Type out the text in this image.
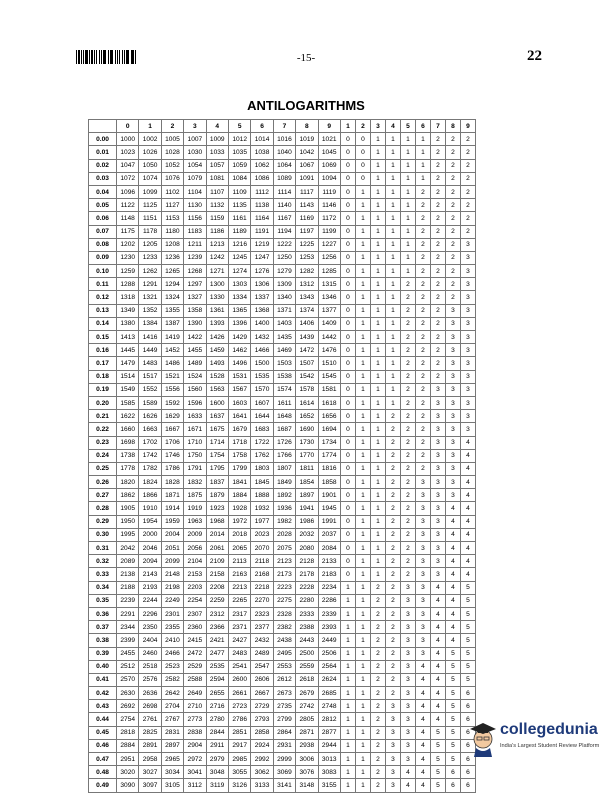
-15-	22
ANTILOGARITHMS
	0	1	2	3	4	5	6	7	8	9	1	2	3	4	5	6	7	8	9
0.00	1000	1002	1005	1007	1009	1012	1014	1016	1019	1021	0	0	1	1	1	1	2	2	2
0.01	1023	1026	1028	1030	1033	1035	1038	1040	1042	1045	0	0	1	1	1	1	2	2	2
0.02	1047	1050	1052	1054	1057	1059	1062	1064	1067	1069	0	0	1	1	1	1	2	2	2
0.03	1072	1074	1076	1079	1081	1084	1086	1089	1091	1094	0	0	1	1	1	1	2	2	2
0.04	1096	1099	1102	1104	1107	1109	1112	1114	1117	1119	0	1	1	1	1	2	2	2	2
0.05	1122	1125	1127	1130	1132	1135	1138	1140	1143	1146	0	1	1	1	1	2	2	2	2
0.06	1148	1151	1153	1156	1159	1161	1164	1167	1169	1172	0	1	1	1	1	2	2	2	2
0.07	1175	1178	1180	1183	1186	1189	1191	1194	1197	1199	0	1	1	1	1	2	2	2	2
0.08	1202	1205	1208	1211	1213	1216	1219	1222	1225	1227	0	1	1	1	1	2	2	2	3
0.09	1230	1233	1236	1239	1242	1245	1247	1250	1253	1256	0	1	1	1	1	2	2	2	3
0.10	1259	1262	1265	1268	1271	1274	1276	1279	1282	1285	0	1	1	1	1	2	2	2	3
0.11	1288	1291	1294	1297	1300	1303	1306	1309	1312	1315	0	1	1	1	2	2	2	2	3
0.12	1318	1321	1324	1327	1330	1334	1337	1340	1343	1346	0	1	1	1	2	2	2	2	3
0.13	1349	1352	1355	1358	1361	1365	1368	1371	1374	1377	0	1	1	1	2	2	2	3	3
0.14	1380	1384	1387	1390	1393	1396	1400	1403	1406	1409	0	1	1	1	2	2	2	3	3
0.15	1413	1416	1419	1422	1426	1429	1432	1435	1439	1442	0	1	1	1	2	2	2	3	3
0.16	1445	1449	1452	1455	1459	1462	1466	1469	1472	1476	0	1	1	1	2	2	2	3	3
0.17	1479	1483	1486	1489	1493	1496	1500	1503	1507	1510	0	1	1	1	2	2	2	3	3
0.18	1514	1517	1521	1524	1528	1531	1535	1538	1542	1545	0	1	1	1	2	2	2	3	3
0.19	1549	1552	1556	1560	1563	1567	1570	1574	1578	1581	0	1	1	1	2	2	3	3	3
0.20	1585	1589	1592	1596	1600	1603	1607	1611	1614	1618	0	1	1	1	2	2	3	3	3
0.21	1622	1626	1629	1633	1637	1641	1644	1648	1652	1656	0	1	1	2	2	2	3	3	3
0.22	1660	1663	1667	1671	1675	1679	1683	1687	1690	1694	0	1	1	2	2	2	3	3	3
0.23	1698	1702	1706	1710	1714	1718	1722	1726	1730	1734	0	1	1	2	2	2	3	3	4
0.24	1738	1742	1746	1750	1754	1758	1762	1766	1770	1774	0	1	1	2	2	2	3	3	4
0.25	1778	1782	1786	1791	1795	1799	1803	1807	1811	1816	0	1	1	2	2	2	3	3	4
0.26	1820	1824	1828	1832	1837	1841	1845	1849	1854	1858	0	1	1	2	2	3	3	3	4
0.27	1862	1866	1871	1875	1879	1884	1888	1892	1897	1901	0	1	1	2	2	3	3	3	4
0.28	1905	1910	1914	1919	1923	1928	1932	1936	1941	1945	0	1	1	2	2	3	3	4	4
0.29	1950	1954	1959	1963	1968	1972	1977	1982	1986	1991	0	1	1	2	2	3	3	4	4
0.30	1995	2000	2004	2009	2014	2018	2023	2028	2032	2037	0	1	1	2	2	3	3	4	4
0.31	2042	2046	2051	2056	2061	2065	2070	2075	2080	2084	0	1	1	2	2	3	3	4	4
0.32	2089	2094	2099	2104	2109	2113	2118	2123	2128	2133	0	1	1	2	2	3	3	4	4
0.33	2138	2143	2148	2153	2158	2163	2168	2173	2178	2183	0	1	1	2	2	3	3	4	4
0.34	2188	2193	2198	2203	2208	2213	2218	2223	2228	2234	1	1	2	2	3	3	4	4	5
0.35	2239	2244	2249	2254	2259	2265	2270	2275	2280	2286	1	1	2	2	3	3	4	4	5
0.36	2291	2296	2301	2307	2312	2317	2323	2328	2333	2339	1	1	2	2	3	3	4	4	5
0.37	2344	2350	2355	2360	2366	2371	2377	2382	2388	2393	1	1	2	2	3	3	4	4	5
0.38	2399	2404	2410	2415	2421	2427	2432	2438	2443	2449	1	1	2	2	3	3	4	4	5
0.39	2455	2460	2466	2472	2477	2483	2489	2495	2500	2506	1	1	2	2	3	3	4	5	5
0.40	2512	2518	2523	2529	2535	2541	2547	2553	2559	2564	1	1	2	2	3	4	4	5	5
0.41	2570	2576	2582	2588	2594	2600	2606	2612	2618	2624	1	1	2	2	3	4	4	5	5
0.42	2630	2636	2642	2649	2655	2661	2667	2673	2679	2685	1	1	2	2	3	4	4	5	6
0.43	2692	2698	2704	2710	2716	2723	2729	2735	2742	2748	1	1	2	3	3	4	4	5	6
0.44	2754	2761	2767	2773	2780	2786	2793	2799	2805	2812	1	1	2	3	3	4	4	5	6
0.45	2818	2825	2831	2838	2844	2851	2858	2864	2871	2877	1	1	2	3	3	4	5	5	6
0.46	2884	2891	2897	2904	2911	2917	2924	2931	2938	2944	1	1	2	3	3	4	5	5	6
0.47	2951	2958	2965	2972	2979	2985	2992	2999	3006	3013	1	1	2	3	3	4	5	5	6
0.48	3020	3027	3034	3041	3048	3055	3062	3069	3076	3083	1	1	2	3	4	4	5	6	6
0.49	3090	3097	3105	3112	3119	3126	3133	3141	3148	3155	1	1	2	3	4	4	5	6	6
collegedunia
India's Largest Student Review Platform
